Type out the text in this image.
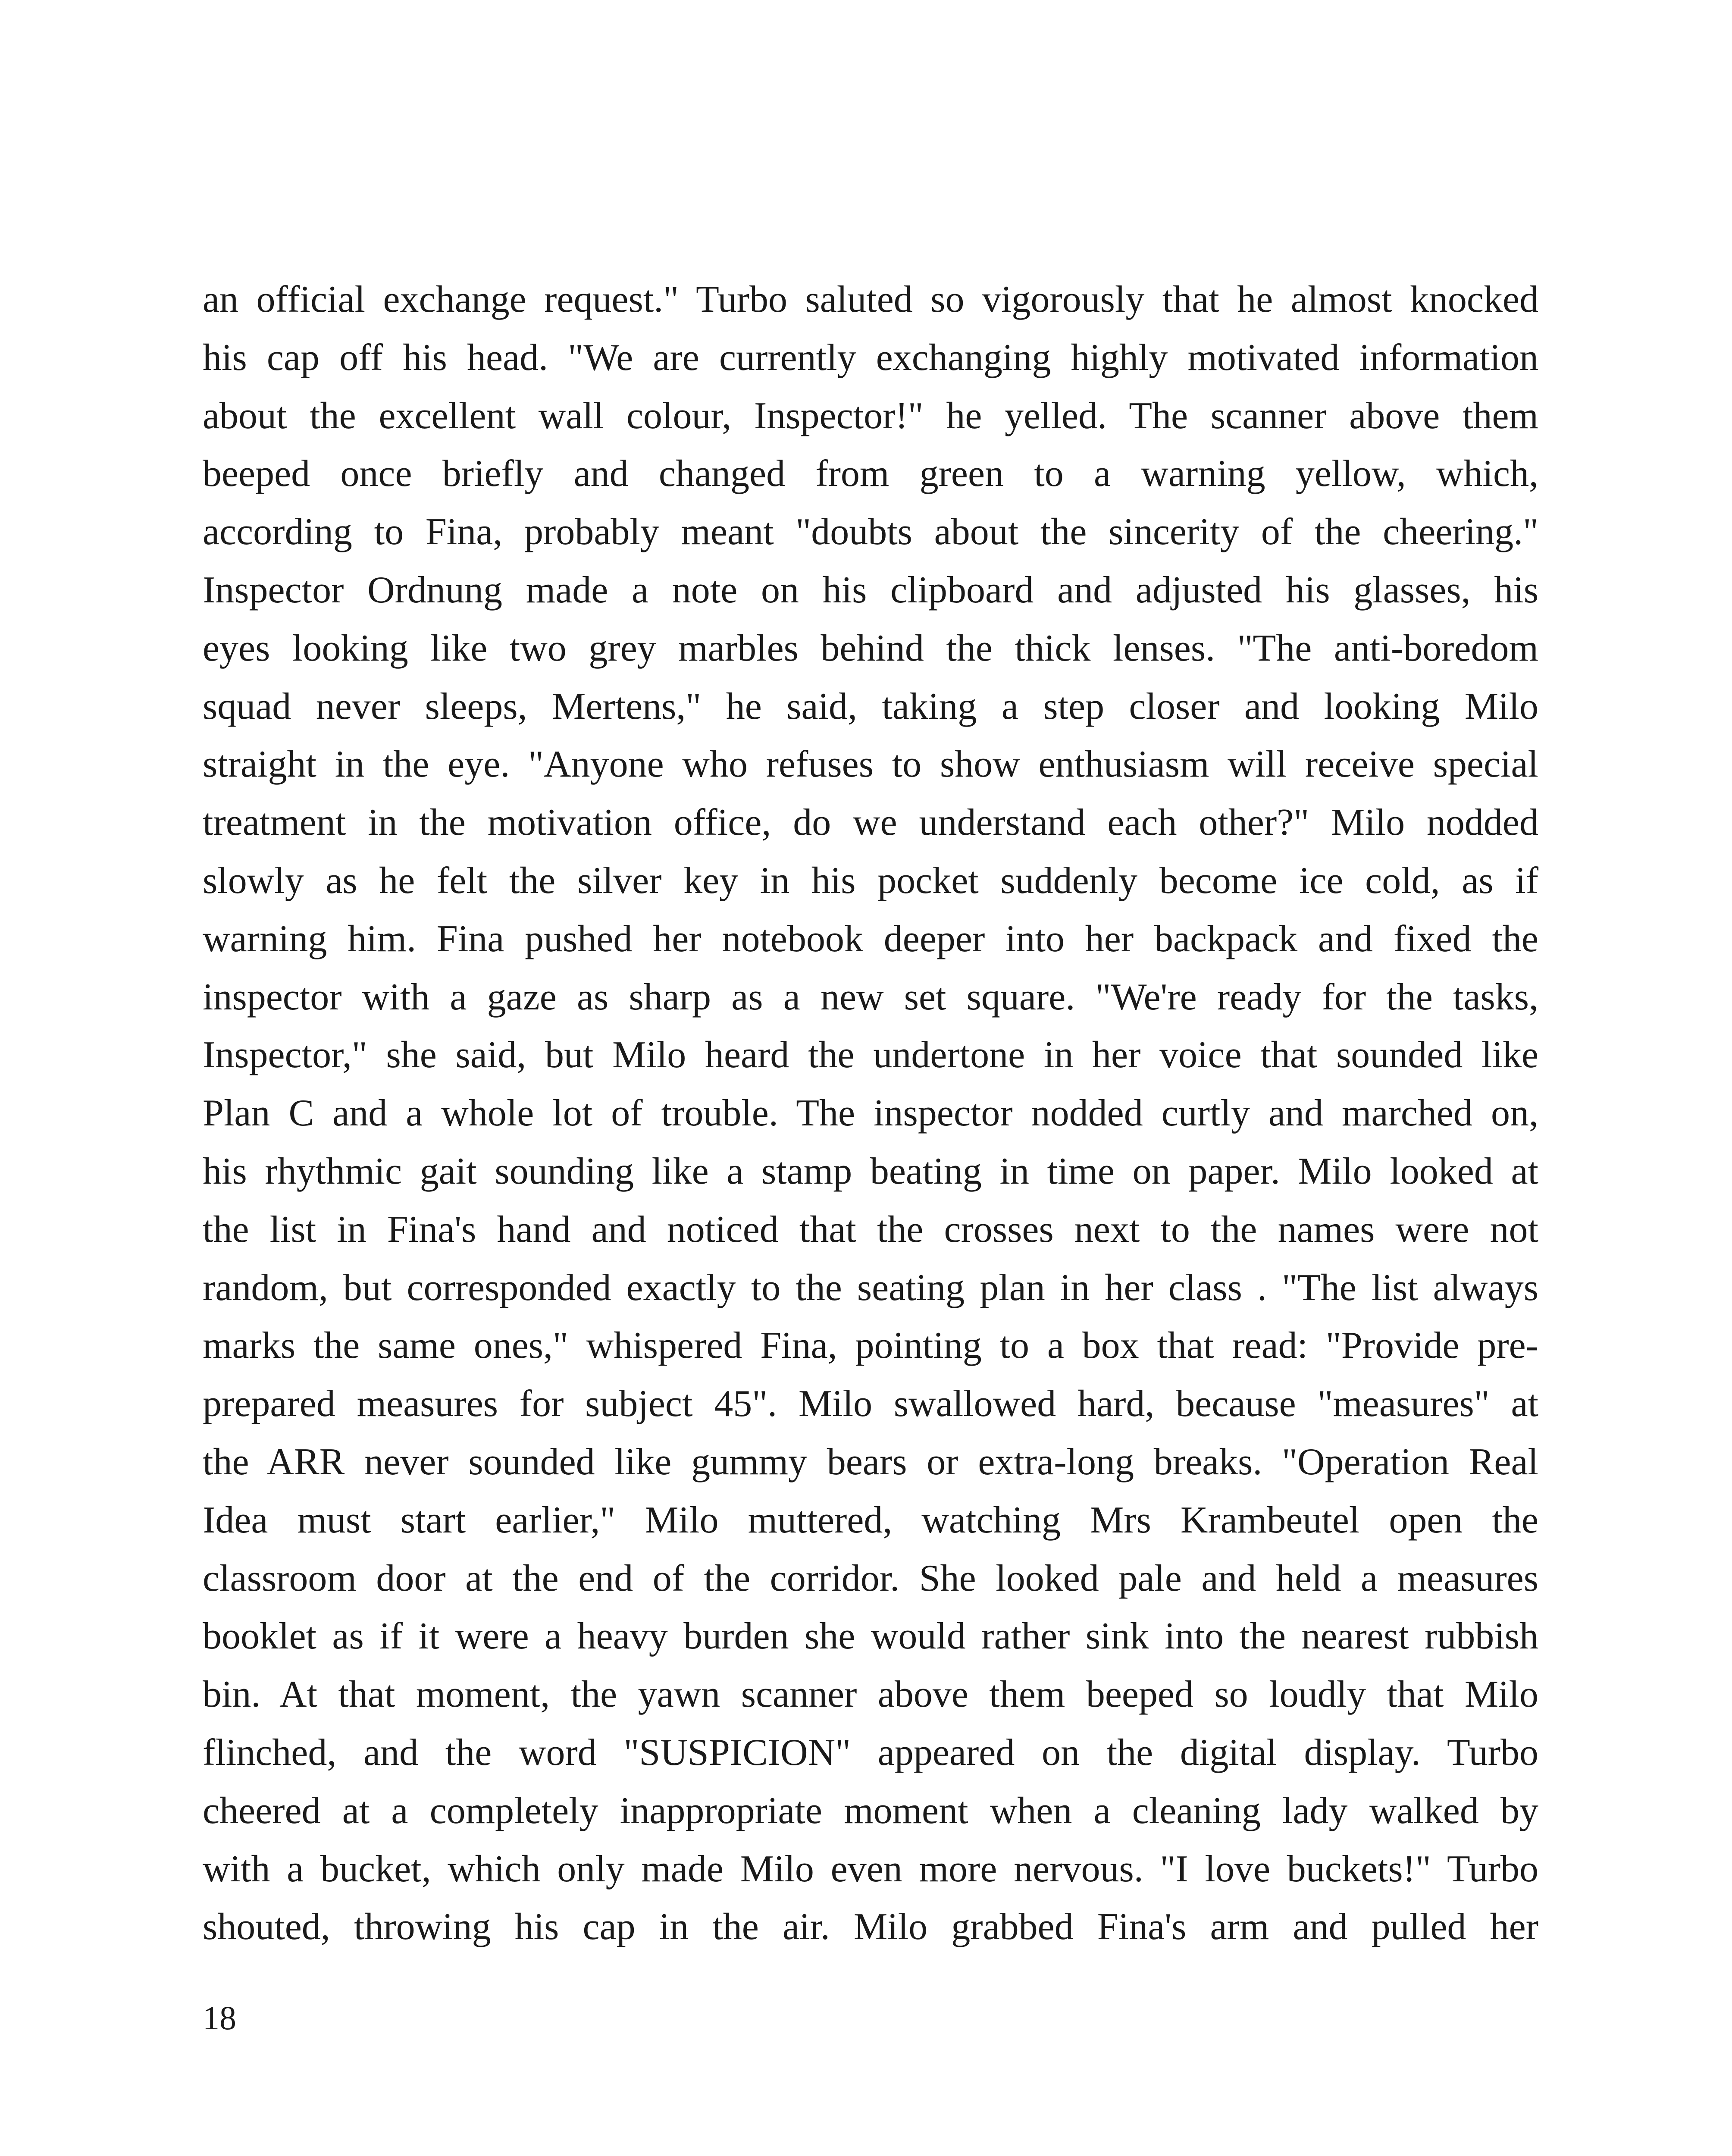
an official exchange request." Turbo saluted so vigorously that he almost knocked
his cap off his head. "We are currently exchanging highly motivated information
about the excellent wall colour, Inspector!" he yelled. The scanner above them
beeped once briefly and changed from green to a warning yellow, which,
according to Fina, probably meant "doubts about the sincerity of the cheering."
Inspector Ordnung made a note on his clipboard and adjusted his glasses, his
eyes looking like two grey marbles behind the thick lenses. "The anti-boredom
squad never sleeps, Mertens," he said, taking a step closer and looking Milo
straight in the eye. "Anyone who refuses to show enthusiasm will receive special
treatment in the motivation office, do we understand each other?" Milo nodded
slowly as he felt the silver key in his pocket suddenly become ice cold, as if
warning him. Fina pushed her notebook deeper into her backpack and fixed the
inspector with a gaze as sharp as a new set square. "We're ready for the tasks,
Inspector," she said, but Milo heard the undertone in her voice that sounded like
Plan C and a whole lot of trouble. The inspector nodded curtly and marched on,
his rhythmic gait sounding like a stamp beating in time on paper. Milo looked at
the list in Fina's hand and noticed that the crosses next to the names were not
random, but corresponded exactly to the seating plan in her class . "The list always
marks the same ones," whispered Fina, pointing to a box that read: "Provide pre-
prepared measures for subject 45". Milo swallowed hard, because "measures" at
the ARR never sounded like gummy bears or extra-long breaks. "Operation Real
Idea must start earlier," Milo muttered, watching Mrs Krambeutel open the
classroom door at the end of the corridor. She looked pale and held a measures
booklet as if it were a heavy burden she would rather sink into the nearest rubbish
bin. At that moment, the yawn scanner above them beeped so loudly that Milo
flinched, and the word "SUSPICION" appeared on the digital display. Turbo
cheered at a completely inappropriate moment when a cleaning lady walked by
with a bucket, which only made Milo even more nervous. "I love buckets!" Turbo
shouted, throwing his cap in the air. Milo grabbed Fina's arm and pulled her

18
